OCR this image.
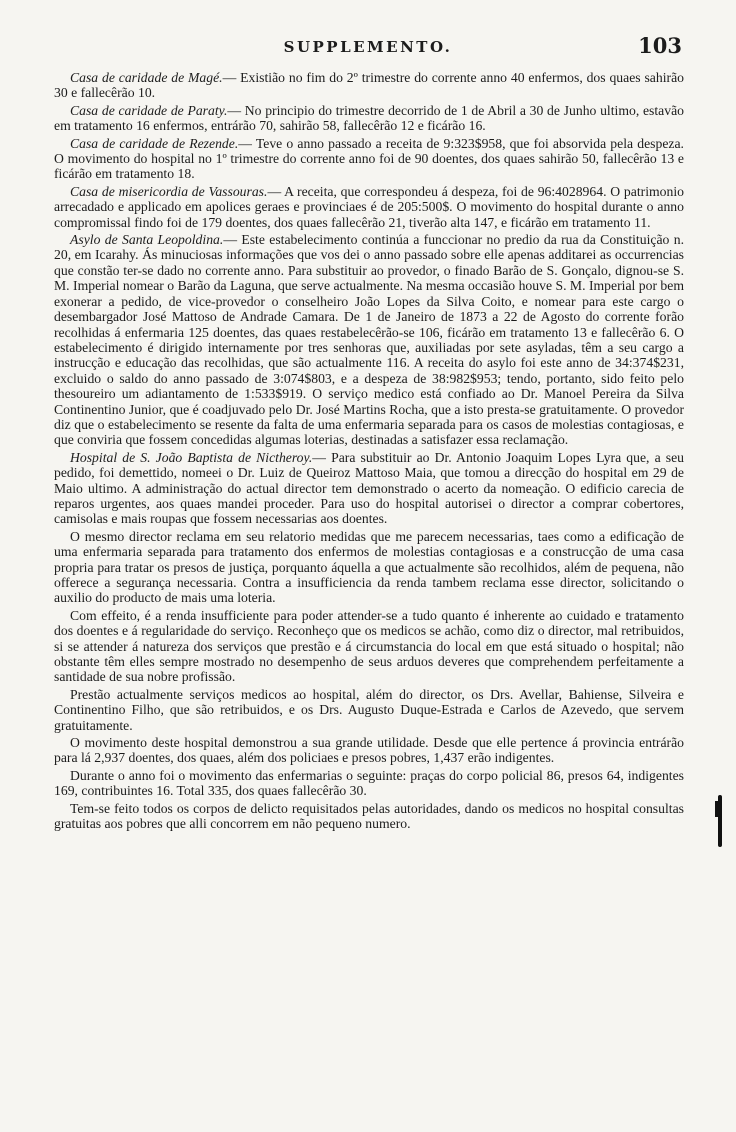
SUPPLEMENTO.	103

Casa de caridade de Magé.— Existião no fim do 2º trimestre do corrente anno 40 enfermos, dos quaes sahirão 30 e fallecêrão 10.

Casa de caridade de Paraty.— No principio do trimestre decorrido de 1 de Abril a 30 de Junho ultimo, estavão em tratamento 16 enfermos, entrárão 70, sahirão 58, fallecêrão 12 e ficárão 16.

Casa de caridade de Rezende.— Teve o anno passado a receita de 9:323$958, que foi absorvida pela despeza. O movimento do hospital no 1º trimestre do corrente anno foi de 90 doentes, dos quaes sahirão 50, fallecêrão 13 e ficárão em tratamento 18.

Casa de misericordia de Vassouras.— A receita, que correspondeu á despeza, foi de 96:4028964. O patrimonio arrecadado e applicado em apolices geraes e provinciaes é de 205:500$. O movimento do hospital durante o anno compromissal findo foi de 179 doentes, dos quaes fallecêrão 21, tiverão alta 147, e ficárão em tratamento 11.

Asylo de Santa Leopoldina.— Este estabelecimento continúa a funccionar no predio da rua da Constituição n. 20, em Icarahy. Ás minuciosas informações que vos dei o anno passado sobre elle apenas additarei as occurrencias que constão ter-se dado no corrente anno. Para substituir ao provedor, o finado Barão de S. Gonçalo, dignou-se S. M. Imperial nomear o Barão da Laguna, que serve actualmente. Na mesma occasião houve S. M. Imperial por bem exonerar a pedido, de vice-provedor o conselheiro João Lopes da Silva Coito, e nomear para este cargo o desembargador José Mattoso de Andrade Camara. De 1 de Janeiro de 1873 a 22 de Agosto do corrente forão recolhidas á enfermaria 125 doentes, das quaes restabelecêrão-se 106, ficárão em tratamento 13 e fallecêrão 6. O estabelecimento é dirigido internamente por tres senhoras que, auxiliadas por sete asyladas, têm a seu cargo a instrucção e educação das recolhidas, que são actualmente 116. A receita do asylo foi este anno de 34:374$231, excluido o saldo do anno passado de 3:074$803, e a despeza de 38:982$953; tendo, portanto, sido feito pelo thesoureiro um adiantamento de 1:533$919. O serviço medico está confiado ao Dr. Manoel Pereira da Silva Continentino Junior, que é coadjuvado pelo Dr. José Martins Rocha, que a isto presta-se gratuitamente. O provedor diz que o estabelecimento se resente da falta de uma enfermaria separada para os casos de molestias contagiosas, e que conviria que fossem concedidas algumas loterias, destinadas a satisfazer essa reclamação.

Hospital de S. João Baptista de Nictheroy.— Para substituir ao Dr. Antonio Joaquim Lopes Lyra que, a seu pedido, foi demettido, nomeei o Dr. Luiz de Queiroz Mattoso Maia, que tomou a direcção do hospital em 29 de Maio ultimo. A administração do actual director tem demonstrado o acerto da nomeação. O edificio carecia de reparos urgentes, aos quaes mandei proceder. Para uso do hospital autorisei o director a comprar cobertores, camisolas e mais roupas que fossem necessarias aos doentes.

O mesmo director reclama em seu relatorio medidas que me parecem necessarias, taes como a edificação de uma enfermaria separada para tratamento dos enfermos de molestias contagiosas e a construcção de uma casa propria para tratar os presos de justiça, porquanto áquella a que actualmente são recolhidos, além de pequena, não offerece a segurança necessaria. Contra a insufficiencia da renda tambem reclama esse director, solicitando o auxilio do producto de mais uma loteria.

Com effeito, é a renda insufficiente para poder attender-se a tudo quanto é inherente ao cuidado e tratamento dos doentes e á regularidade do serviço. Reconheço que os medicos se achão, como diz o director, mal retribuidos, si se attender á natureza dos serviços que prestão e á circumstancia do local em que está situado o hospital; não obstante têm elles sempre mostrado no desempenho de seus arduos deveres que comprehendem perfeitamente a santidade de sua nobre profissão.

Prestão actualmente serviços medicos ao hospital, além do director, os Drs. Avellar, Bahiense, Silveira e Continentino Filho, que são retribuidos, e os Drs. Augusto Duque-Estrada e Carlos de Azevedo, que servem gratuitamente.

O movimento deste hospital demonstrou a sua grande utilidade. Desde que elle pertence á provincia entrárão para lá 2,937 doentes, dos quaes, além dos policiaes e presos pobres, 1,437 erão indigentes.

Durante o anno foi o movimento das enfermarias o seguinte: praças do corpo policial 86, presos 64, indigentes 169, contribuintes 16. Total 335, dos quaes fallecêrão 30.

Tem-se feito todos os corpos de delicto requisitados pelas autoridades, dando os medicos no hospital consultas gratuitas aos pobres que alli concorrem em não pequeno numero.
